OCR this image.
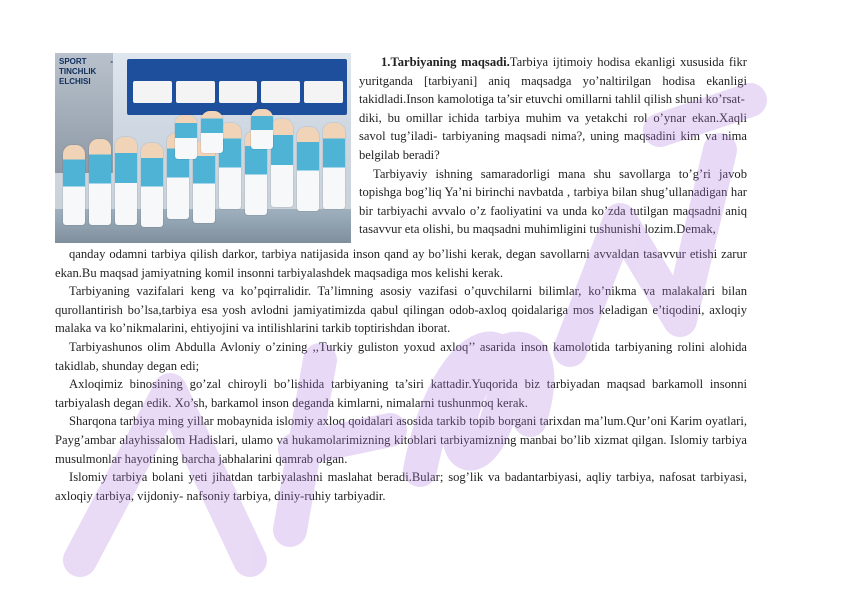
SPORT - TINCHLIK ELCHISI

1.Tarbiyaning maqsadi.Tarbiya ijtimoiy hodisa ekanligi xususida fikr yuritganda [tarbiyani] aniq maqsadga yo’naltirilgan hodisa ekanligi takidladi.Inson kamolotiga ta’sir etuvchi omillarni tahlil qilish shuni ko’rsat-

diki, bu omillar ichida tarbiya muhim va yetakchi rol o’ynar ekan.Xaqli savol tug’iladi- tarbiyaning maqsadi nima?, uning maqsadini kim va nima belgilab beradi?

Tarbiyaviy ishning samaradorligi mana shu savollarga to’g’ri javob topishga bog’liq Ya’ni birinchi navbatda , tarbiya bilan shug’ullanadigan har bir tarbiyachi avvalo o’z faoliyatini va unda ko’zda tutilgan maqsadni aniq tasavvur eta olishi, bu maqsadni muhimligini tushunishi lozim.Demak,

qanday odamni tarbiya qilish darkor, tarbiya natijasida inson qand ay bo’lishi kerak, degan savollarni avvaldan tasavvur etishi zarur ekan.Bu maqsad jamiyatning komil insonni tarbiyalashdek maqsadiga mos kelishi kerak.

Tarbiyaning vazifalari keng va ko’pqirralidir. Ta’limning asosiy vazifasi o’quvchilarni bilimlar, ko’nikma va malakalari bilan qurollantirish bo’lsa,tarbiya esa yosh avlodni jamiyatimizda qabul qilingan odob-axloq qoidalariga mos keladigan e’tiqodini, axloqiy malaka va ko’nikmalarini, ehtiyojini va intilishlarini tarkib toptirishdan iborat.

Tarbiyashunos olim Abdulla Avloniy o’zining ,,Turkiy guliston yoxud axloq’’ asarida inson kamolotida tarbiyaning rolini alohida takidlab, shunday degan edi;

Axloqimiz binosining go’zal chiroyli bo’lishida tarbiyaning ta’siri kattadir.Yuqorida biz tarbiyadan maqsad barkamoll insonni tarbiyalash degan edik. Xo’sh, barkamol inson deganda kimlarni, nimalarni tushunmoq kerak.

Sharqona tarbiya ming yillar mobaynida islomiy axloq qoidalari asosida tarkib topib borgani tarixdan ma’lum.Qur’oni Karim oyatlari, Payg’ambar alayhissalom Hadislari, ulamo va hukamolarimizning kitoblari tarbiyamizning manbai bo’lib xizmat qilgan. Islomiy tarbiya musulmonlar hayotining barcha jabhalarini qamrab olgan.

Islomiy tarbiya bolani yeti jihatdan tarbiyalashni maslahat beradi.Bular; sog’lik va badantarbiyasi, aqliy tarbiya, nafosat tarbiyasi, axloqiy tarbiya, vijdoniy- nafsoniy tarbiya, diniy-ruhiy tarbiyadir.
